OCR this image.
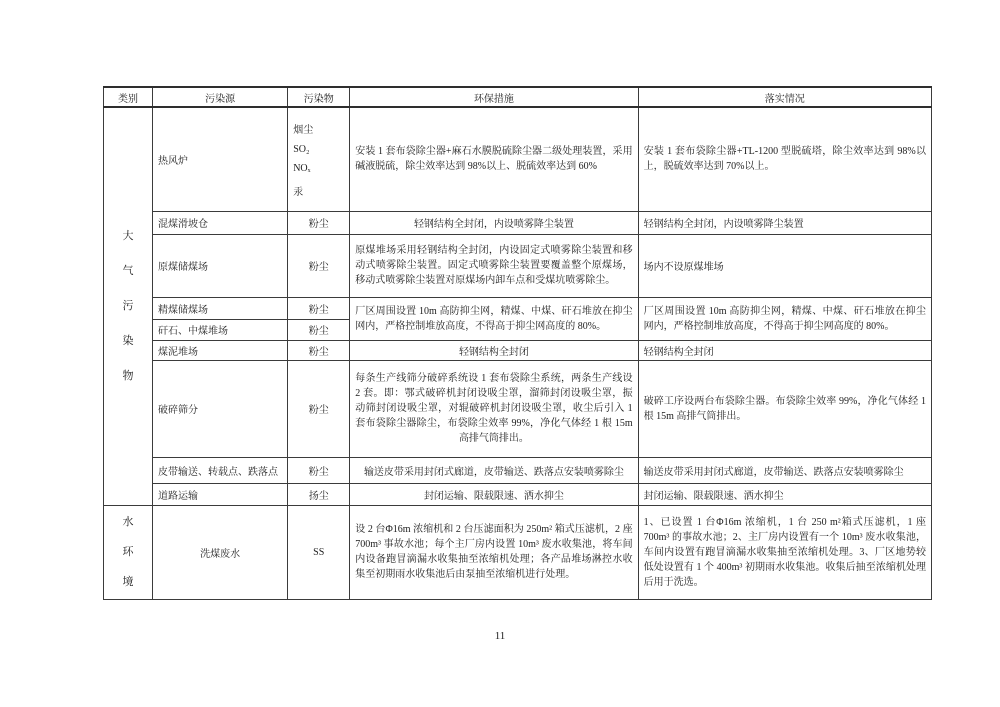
类别	污染源	污染物	环保措施	落实情况

大
气
污
染
物	热风炉	烟尘
SO₂
NOₓ
汞	安装 1 套布袋除尘器+麻石水膜脱硫除尘器二级处理装置，采用碱液脱硫，除尘效率达到 98%以上、脱硫效率达到 60%	安装 1 套布袋除尘器+TL-1200 型脱硫塔，除尘效率达到 98%以上，脱硫效率达到 70%以上。
	混煤滑坡仓	粉尘	轻钢结构全封闭，内设喷雾降尘装置	轻钢结构全封闭，内设喷雾降尘装置
	原煤储煤场	粉尘	原煤堆场采用轻钢结构全封闭，内设固定式喷雾除尘装置和移动式喷雾除尘装置。固定式喷雾除尘装置要覆盖整个原煤场，移动式喷雾除尘装置对原煤场内卸车点和受煤坑喷雾除尘。	场内不设原煤堆场
	精煤储煤场	粉尘	厂区周围设置 10m 高防抑尘网，精煤、中煤、矸石堆放在抑尘网内，严格控制堆放高度，不得高于抑尘网高度的 80%。	厂区周围设置 10m 高防抑尘网，精煤、中煤、矸石堆放在抑尘网内，严格控制堆放高度，不得高于抑尘网高度的 80%。
	矸石、中煤堆场	粉尘		
	煤泥堆场	粉尘	轻钢结构全封闭	轻钢结构全封闭
	破碎筛分	粉尘	每条生产线筛分破碎系统设 1 套布袋除尘系统，两条生产线设 2 套。即：鄂式破碎机封闭设吸尘罩，溜筛封闭设吸尘罩，振动筛封闭设吸尘罩，对辊破碎机封闭设吸尘罩，收尘后引入 1 套布袋除尘器除尘，布袋除尘效率 99%，净化气体经 1 根 15m 高排气筒排出。	破碎工序设两台布袋除尘器。布袋除尘效率 99%，净化气体经 1 根 15m 高排气筒排出。
	皮带输送、转载点、跌落点	粉尘	输送皮带采用封闭式廊道，皮带输送、跌落点安装喷雾除尘	输送皮带采用封闭式廊道，皮带输送、跌落点安装喷雾除尘
	道路运输	扬尘	封闭运输、限载限速、洒水抑尘	封闭运输、限载限速、洒水抑尘

水
环
境	洗煤废水	SS	设 2 台Φ16m 浓缩机和 2 台压滤面积为 250m² 箱式压滤机，2 座 700m³ 事故水池；每个主厂房内设置 10m³ 废水收集池，将车间内设备跑冒滴漏水收集抽至浓缩机处理；各产品堆场淋控水收集至初期雨水收集池后由泵抽至浓缩机进行处理。	1、已设置 1 台Φ16m 浓缩机，1 台 250 m²箱式压滤机，1 座 700m³ 的事故水池；2、主厂房内设置有一个 10m³ 废水收集池，车间内设置有跑冒滴漏水收集抽至浓缩机处理。3、厂区地势较低处设置有 1 个 400m³ 初期雨水收集池。收集后抽至浓缩机处理后用于洗选。
11
